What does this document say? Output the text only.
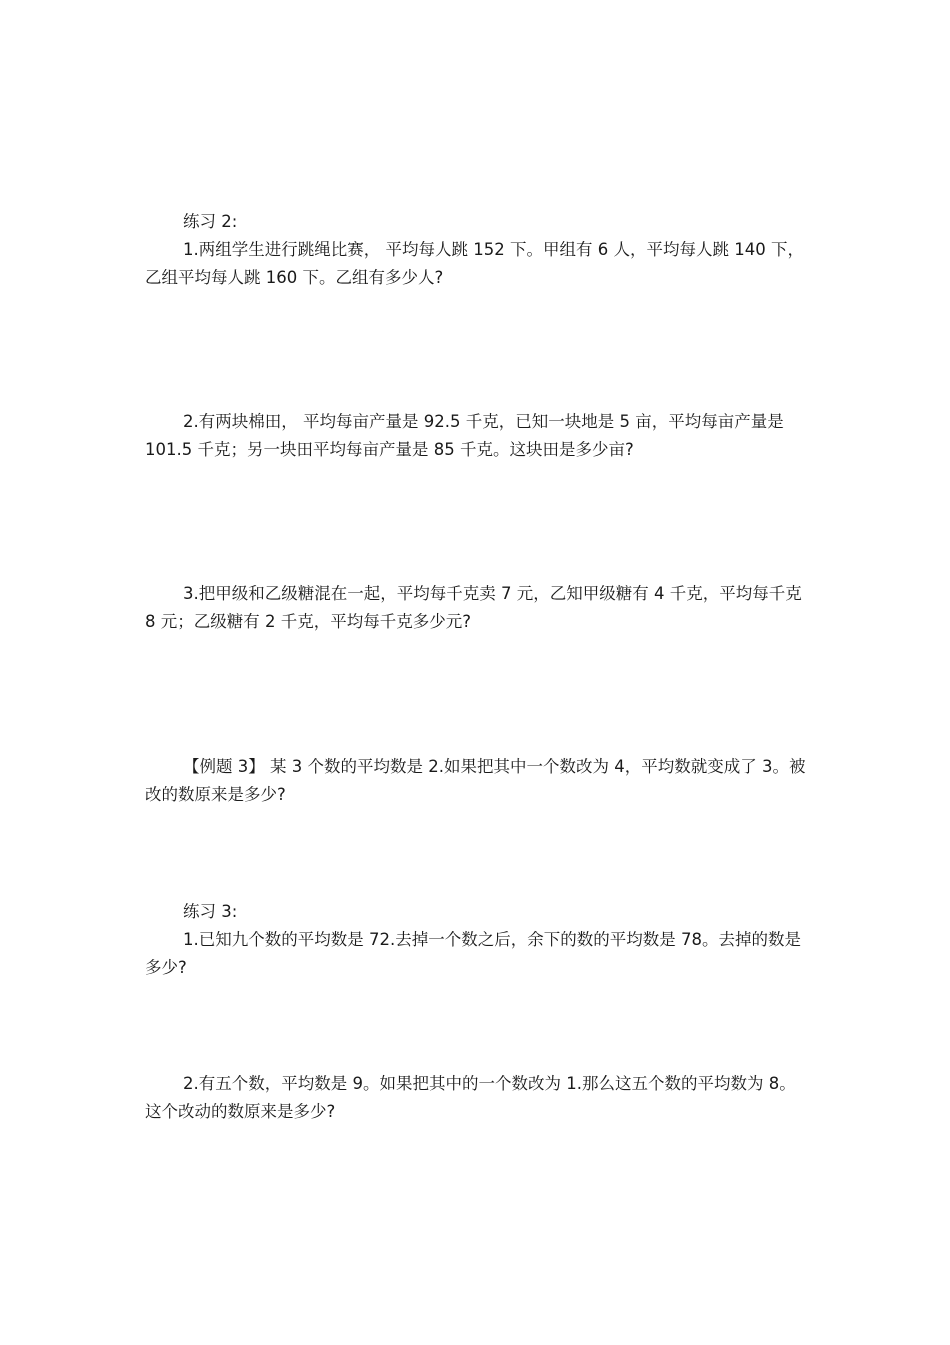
练习 2:

1.两组学生进行跳绳比赛， 平均每人跳 152 下。甲组有 6 人，平均每人跳 140 下，乙组平均每人跳 160 下。乙组有多少人?

2.有两块棉田， 平均每亩产量是 92.5 千克，已知一块地是 5 亩，平均每亩产量是 101.5 千克；另一块田平均每亩产量是 85 千克。这块田是多少亩?

3.把甲级和乙级糖混在一起，平均每千克卖 7 元，乙知甲级糖有 4 千克，平均每千克 8 元；乙级糖有 2 千克，平均每千克多少元?

【例题 3】 某 3 个数的平均数是 2.如果把其中一个数改为 4，平均数就变成了 3。被改的数原来是多少?

练习 3:

1.已知九个数的平均数是 72.去掉一个数之后，余下的数的平均数是 78。去掉的数是多少?

2.有五个数，平均数是 9。如果把其中的一个数改为 1.那么这五个数的平均数为 8。这个改动的数原来是多少?
